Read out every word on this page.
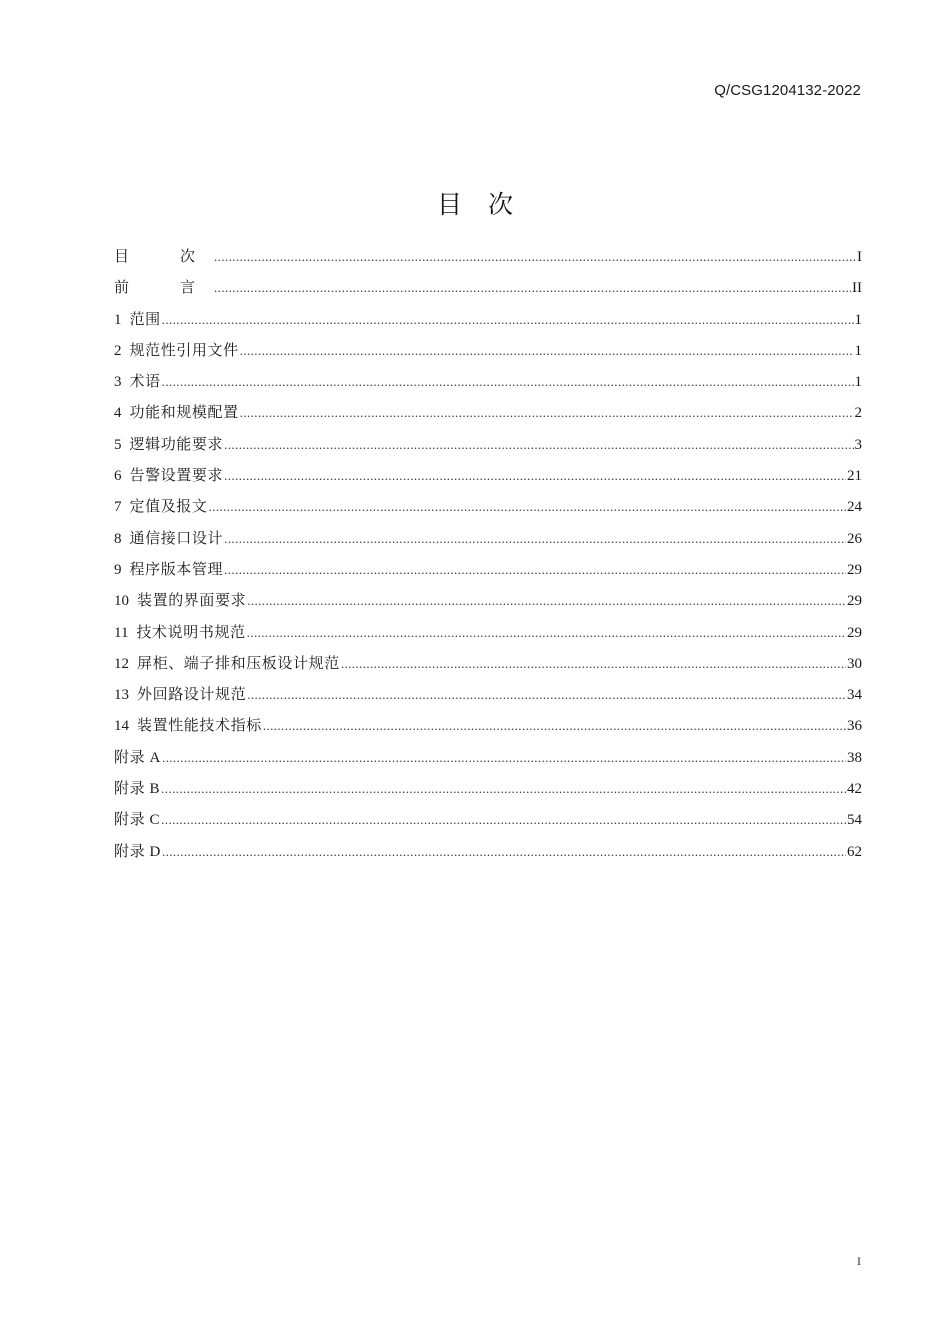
Q/CSG1204132-2022
目 次
目　次 .....	I
前　言 .....	II
1 范围 .....	1
2 规范性引用文件 .....	1
3 术语 .....	1
4 功能和规模配置 .....	2
5 逻辑功能要求 .....	3
6 告警设置要求 .....	21
7 定值及报文 .....	24
8 通信接口设计 .....	26
9 程序版本管理 .....	29
10 装置的界面要求 .....	29
11 技术说明书规范 .....	29
12 屏柜、端子排和压板设计规范 .....	30
13 外回路设计规范 .....	34
14 装置性能技术指标 .....	36
附录 A .....	38
附录 B .....	42
附录 C .....	54
附录 D .....	62
I
